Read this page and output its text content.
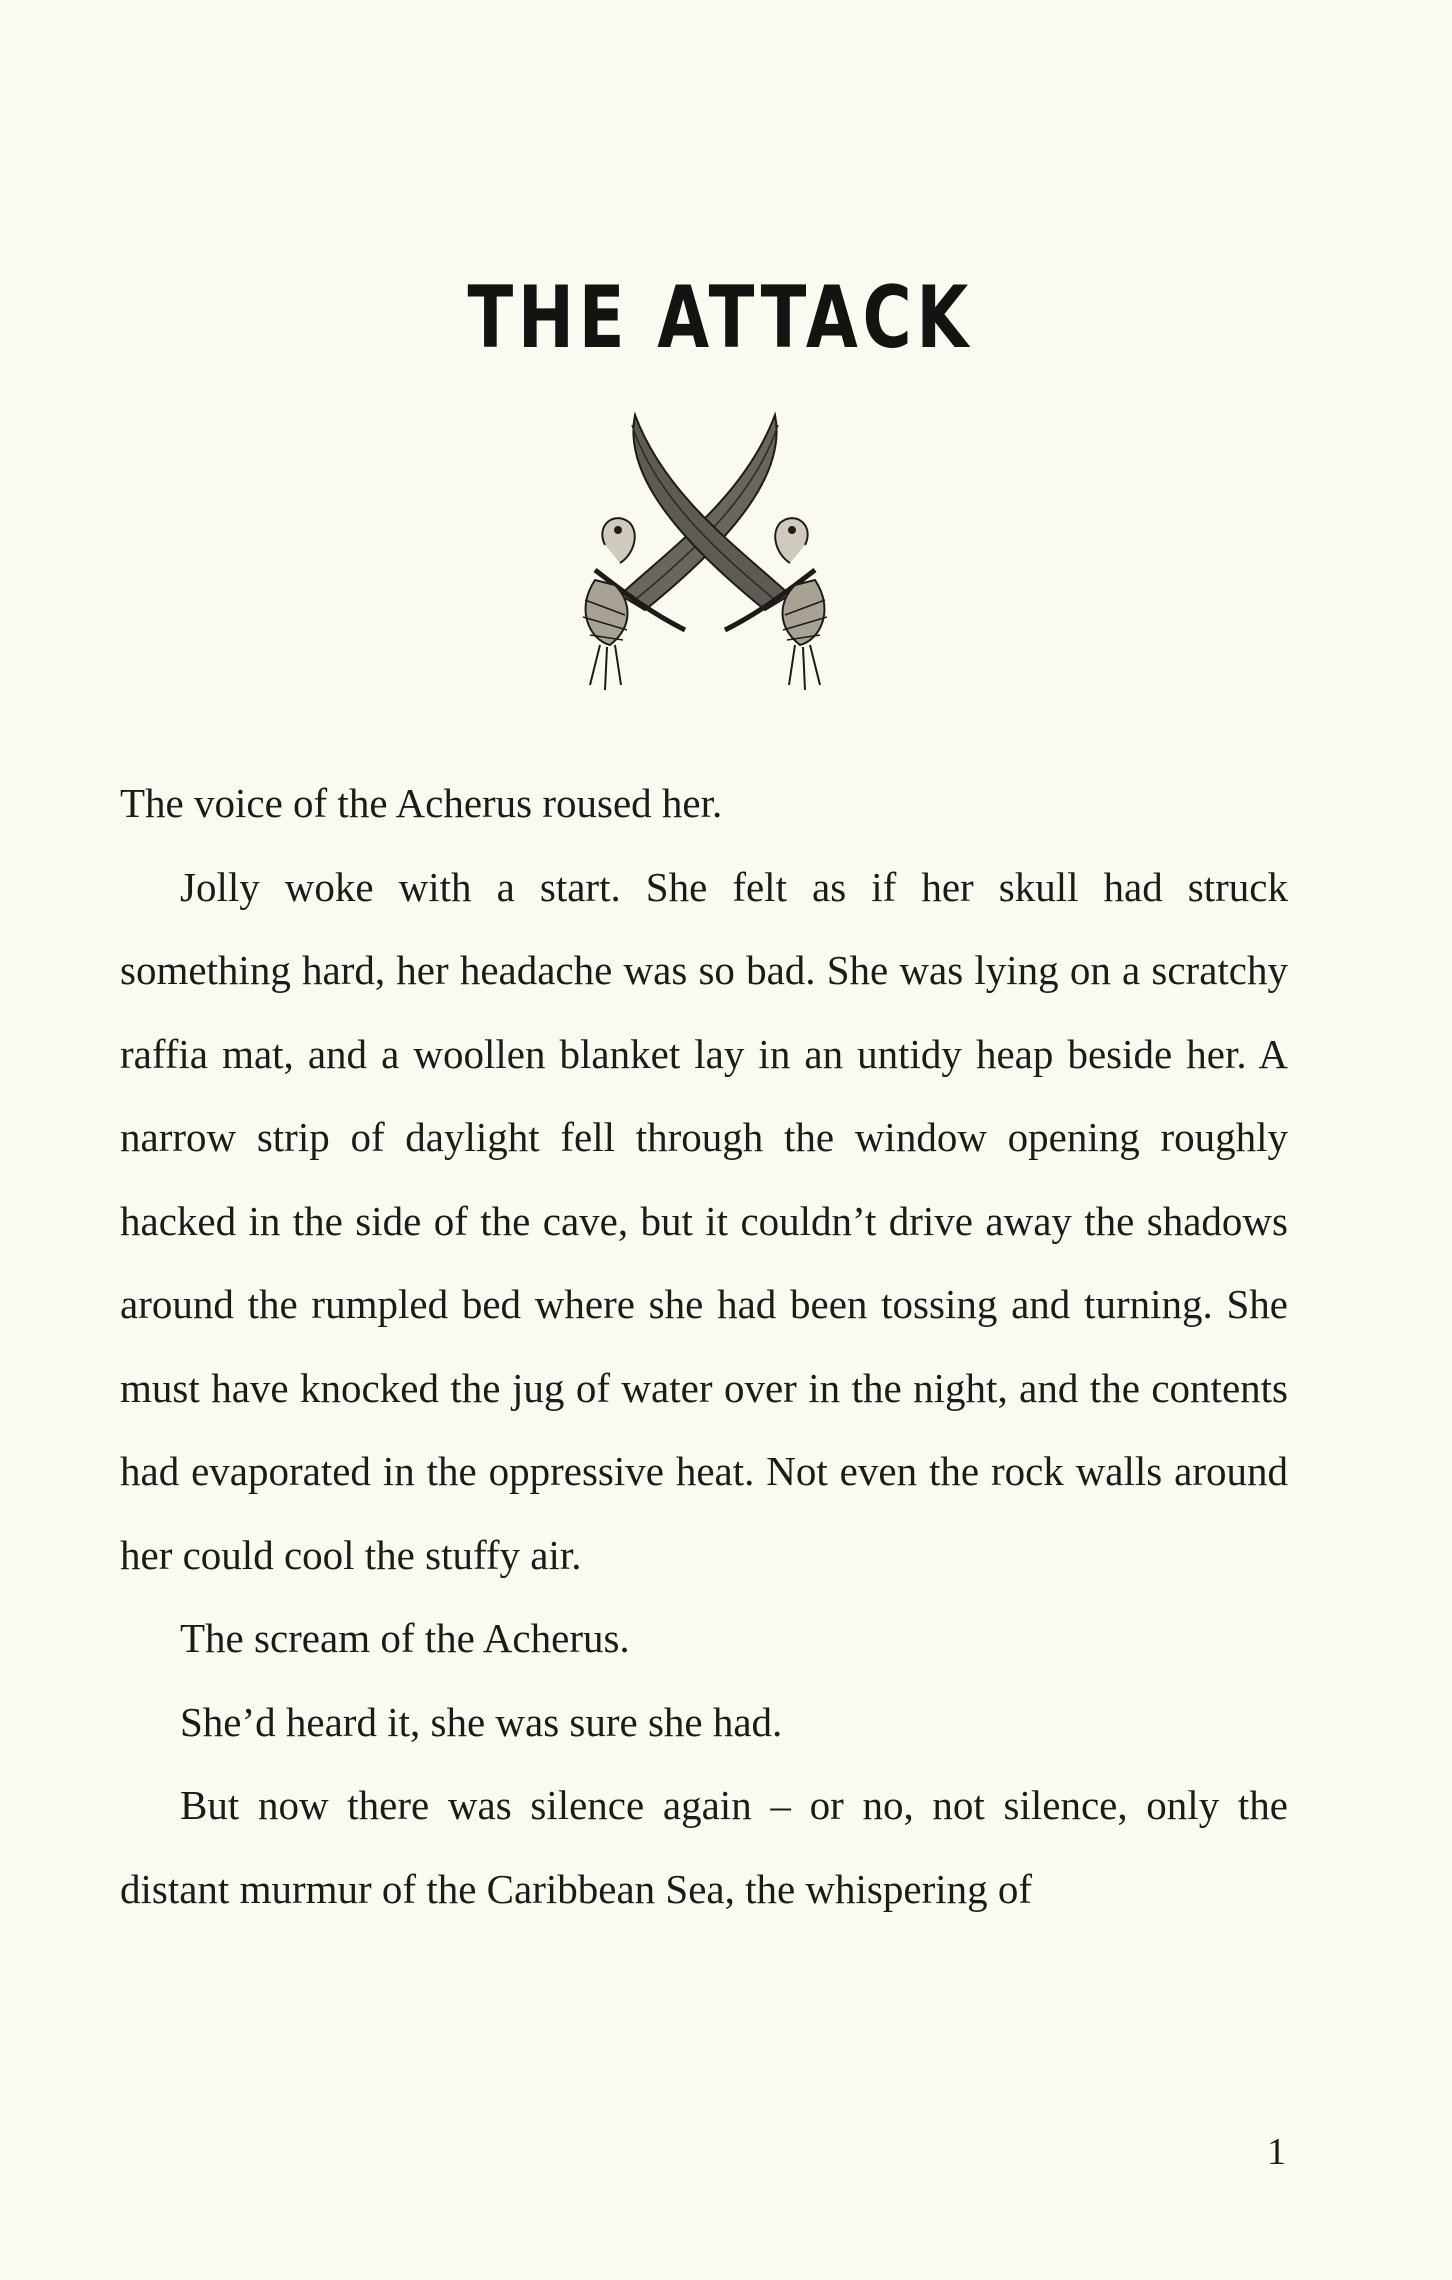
THE ATTACK

The voice of the Acherus roused her.

Jolly woke with a start. She felt as if her skull had struck something hard, her headache was so bad. She was lying on a scratchy raffia mat, and a woollen blanket lay in an untidy heap beside her. A narrow strip of daylight fell through the window opening roughly hacked in the side of the cave, but it couldn’t drive away the shadows around the rumpled bed where she had been tossing and turning. She must have knocked the jug of water over in the night, and the contents had evaporated in the oppressive heat. Not even the rock walls around her could cool the stuffy air.

The scream of the Acherus.

She’d heard it, she was sure she had.

But now there was silence again – or no, not silence, only the distant murmur of the Caribbean Sea, the whispering of

1
